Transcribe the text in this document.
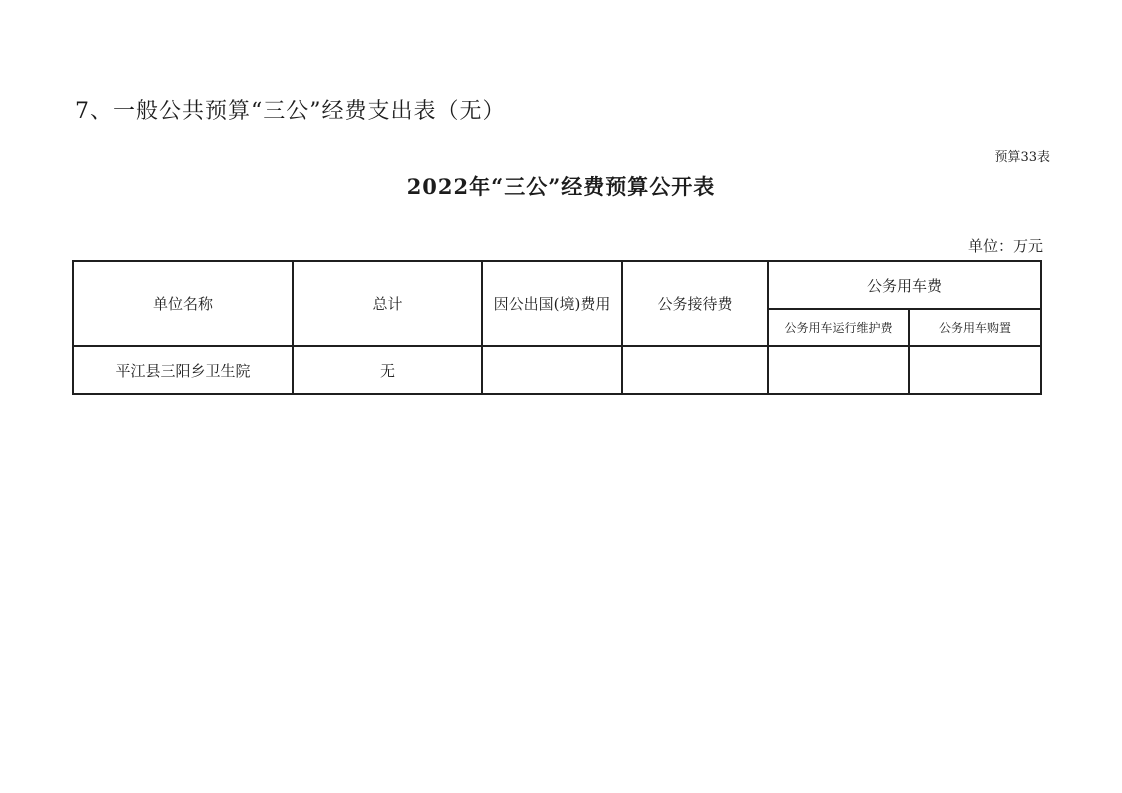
7、一般公共预算“三公”经费支出表（无）
预算33表
2022年“三公”经费预算公开表
单位：万元
单位名称	总计	因公出国(境)费用	公务接待费	公务用车费	
				公务用车运行维护费	公务用车购置
平江县三阳乡卫生院	无				
